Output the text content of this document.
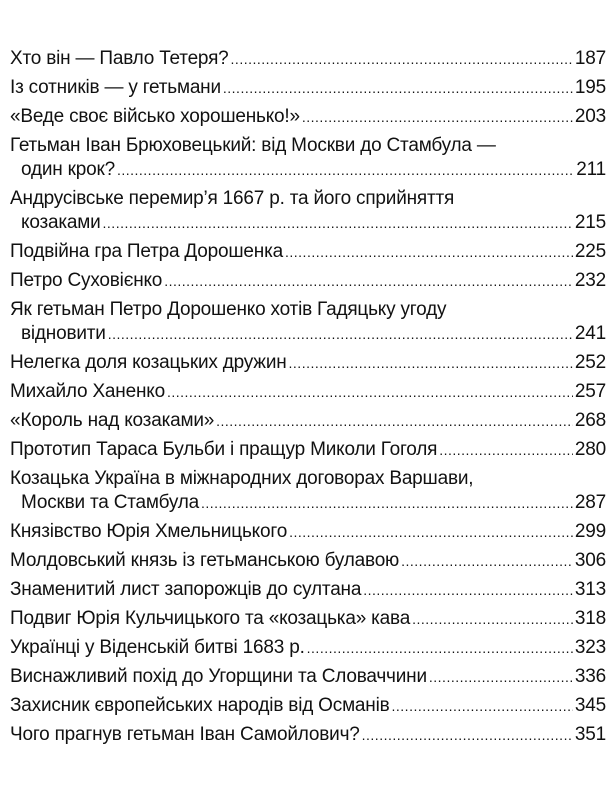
Хто він — Павло Тетеря? .....	187
Із сотників — у гетьмани .....	195
«Веде своє військо хорошенько!» .....	203
Гетьман Іван Брюховецький: від Москви до Стамбула —
один крок? .....	211
Андрусівське перемир’я 1667 р. та його сприйняття
козаками .....	215
Подвійна гра Петра Дорошенка .....	225
Петро Суховієнко .....	232
Як гетьман Петро Дорошенко хотів Гадяцьку угоду
відновити .....	241
Нелегка доля козацьких дружин .....	252
Михайло Ханенко .....	257
«Король над козаками» .....	268
Прототип Тараса Бульби і пращур Миколи Гоголя .....	280
Козацька Україна в міжнародних договорах Варшави,
Москви та Стамбула .....	287
Князівство Юрія Хмельницького .....	299
Молдовський князь із гетьманською булавою .....	306
Знаменитий лист запорожців до султана .....	313
Подвиг Юрія Кульчицького та «козацька» кава .....	318
Українці у Віденській битві 1683 р. .....	323
Виснажливий похід до Угорщини та Словаччини .....	336
Захисник європейських народів від Османів .....	345
Чого прагнув гетьман Іван Самойлович? .....	351
